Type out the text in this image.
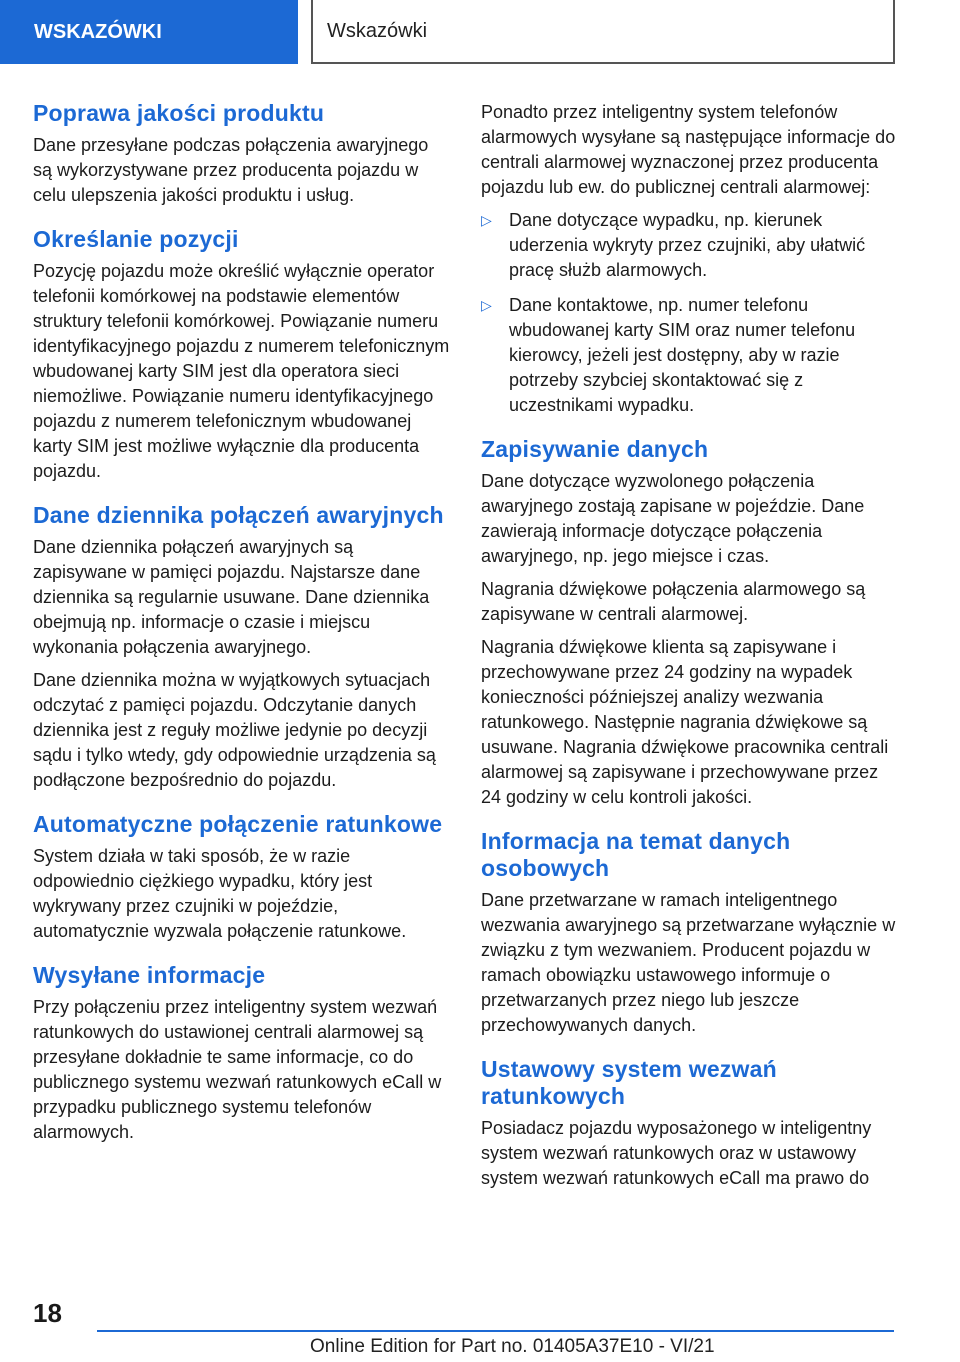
WSKAZÓWKI	Wskazówki
Poprawa jakości produktu

Dane przesyłane podczas połączenia awaryjnego są wykorzystywane przez producenta pojazdu w celu ulepszenia jakości produktu i usług.

Określanie pozycji

Pozycję pojazdu może określić wyłącznie operator telefonii komórkowej na podstawie elementów struktury telefonii komórkowej. Powiązanie numeru identyfikacyjnego pojazdu z numerem telefonicznym wbudowanej karty SIM jest dla operatora sieci niemożliwe. Powiązanie numeru identyfikacyjnego pojazdu z numerem telefonicznym wbudowanej karty SIM jest możliwe wyłącznie dla producenta pojazdu.

Dane dziennika połączeń awaryjnych

Dane dziennika połączeń awaryjnych są zapisywane w pamięci pojazdu. Najstarsze dane dziennika są regularnie usuwane. Dane dziennika obejmują np. informacje o czasie i miejscu wykonania połączenia awaryjnego.

Dane dziennika można w wyjątkowych sytuacjach odczytać z pamięci pojazdu. Odczytanie danych dziennika jest z reguły możliwe jedynie po decyzji sądu i tylko wtedy, gdy odpowiednie urządzenia są podłączone bezpośrednio do pojazdu.

Automatyczne połączenie ratunkowe

System działa w taki sposób, że w razie odpowiednio ciężkiego wypadku, który jest wykrywany przez czujniki w pojeździe, automatycznie wyzwala połączenie ratunkowe.

Wysyłane informacje

Przy połączeniu przez inteligentny system wezwań ratunkowych do ustawionej centrali alarmowej są przesyłane dokładnie te same informacje, co do publicznego systemu wezwań ratunkowych eCall w przypadku publicznego systemu telefonów alarmowych.

Ponadto przez inteligentny system telefonów alarmowych wysyłane są następujące informacje do centrali alarmowej wyznaczonej przez producenta pojazdu lub ew. do publicznej centrali alarmowej:

▷ Dane dotyczące wypadku, np. kierunek uderzenia wykryty przez czujniki, aby ułatwić pracę służb alarmowych.
▷ Dane kontaktowe, np. numer telefonu wbudowanej karty SIM oraz numer telefonu kierowcy, jeżeli jest dostępny, aby w razie potrzeby szybciej skontaktować się z uczestnikami wypadku.
Zapisywanie danych

Dane dotyczące wyzwolonego połączenia awaryjnego zostają zapisane w pojeździe. Dane zawierają informacje dotyczące połączenia awaryjnego, np. jego miejsce i czas.

Nagrania dźwiękowe połączenia alarmowego są zapisywane w centrali alarmowej.

Nagrania dźwiękowe klienta są zapisywane i przechowywane przez 24 godziny na wypadek konieczności późniejszej analizy wezwania ratunkowego. Następnie nagrania dźwiękowe są usuwane. Nagrania dźwiękowe pracownika centrali alarmowej są zapisywane i przechowywane przez 24 godziny w celu kontroli jakości.

Informacja na temat danych osobowych

Dane przetwarzane w ramach inteligentnego wezwania awaryjnego są przetwarzane wyłącznie w związku z tym wezwaniem. Producent pojazdu w ramach obowiązku ustawowego informuje o przetwarzanych przez niego lub jeszcze przechowywanych danych.

Ustawowy system wezwań ratunkowych

Posiadacz pojazdu wyposażonego w inteligentny system wezwań ratunkowych oraz w ustawowy system wezwań ratunkowych eCall ma prawo do

18
Online Edition for Part no. 01405A37E10 - VI/21
